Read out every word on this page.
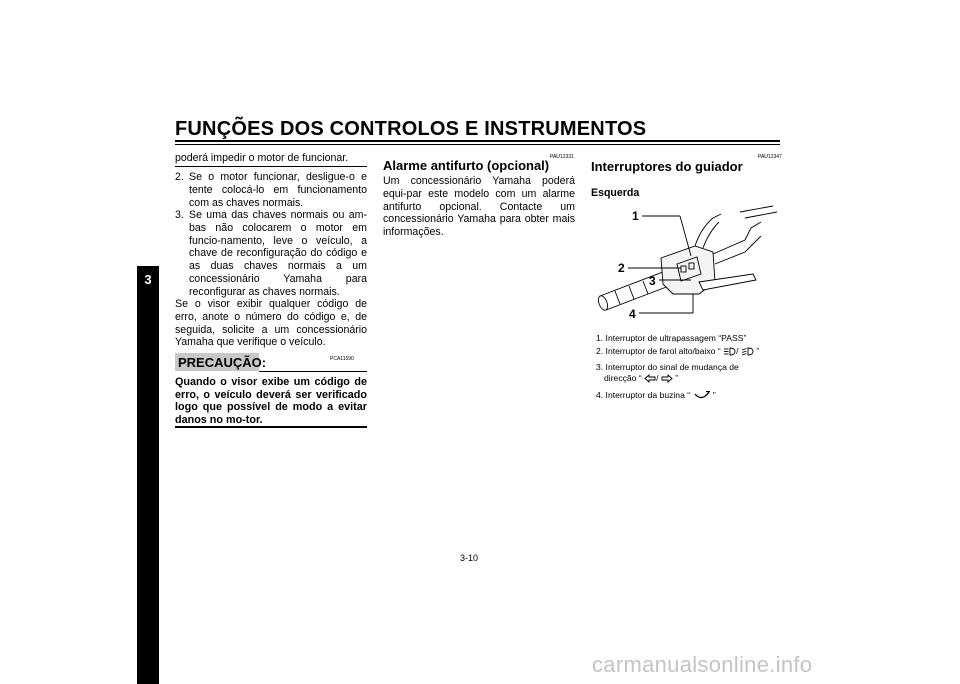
FUNÇÕES DOS CONTROLOS E INSTRUMENTOS
3
poderá impedir o motor de funcionar.
2. Se o motor funcionar, desligue-o e tente colocá-lo em funcionamento com as chaves normais.
3. Se uma das chaves normais ou am-bas não colocarem o motor em funcio-namento, leve o veículo, a chave de reconfiguração do código e as duas chaves normais a um concessionário Yamaha para reconfigurar as chaves normais.
Se o visor exibir qualquer código de erro, anote o número do código e, de seguida, solicite a um concessionário Yamaha que verifique o veículo.
PRECAUÇÃO:	PCA11590
Quando o visor exibe um código de erro, o veículo deverá ser verificado logo que possível de modo a evitar danos no mo-tor.
PAU12331
Alarme antifurto (opcional)
Um concessionário Yamaha poderá equi-par este modelo com um alarme antifurto opcional. Contacte um concessionário Yamaha para obter mais informações.
PAU12347
Interruptores do guiador
Esquerda
1
2
3
4
1. Interruptor de ultrapassagem “PASS”
2. Interruptor de farol alto/baixo “ / ”
3. Interruptor do sinal de mudança de
direcção “ / ”
4. Interruptor da buzina “	”
3-10
carmanualsonline.info
